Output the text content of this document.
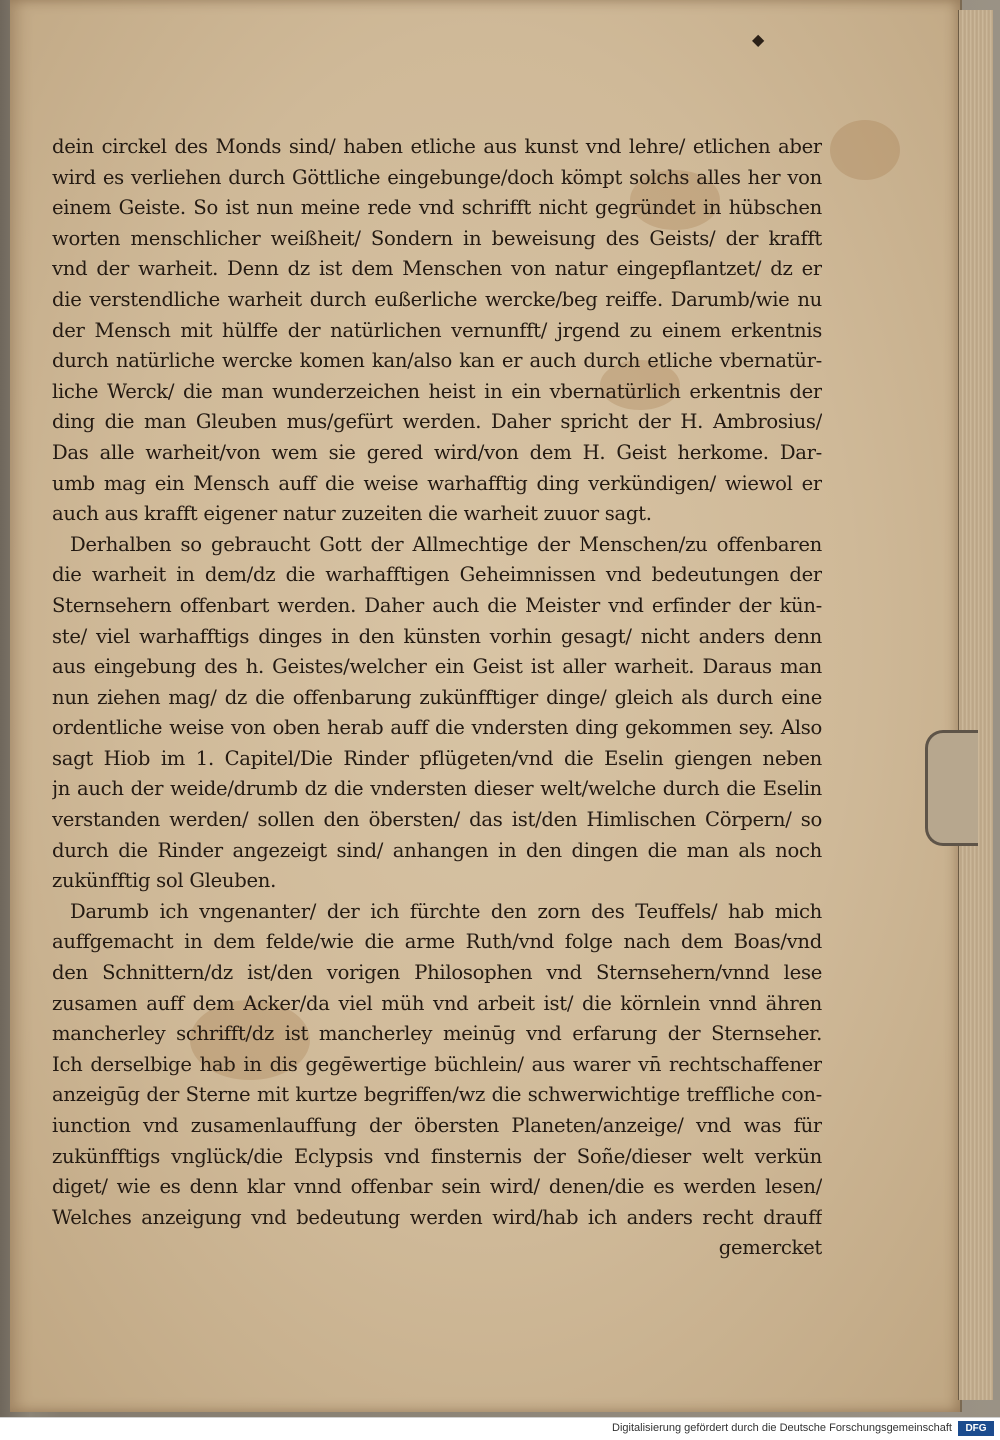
◆
dein circkel des Monds sind/ haben etliche aus kunst vnd lehre/ etlichen aber
wird es verliehen durch Göttliche eingebunge/doch kömpt solchs alles her von
einem Geiste. So ist nun meine rede vnd schrifft nicht gegründet in hübschen
worten menschlicher weißheit/ Sondern in beweisung des Geists/ der krafft
vnd der warheit. Denn dz ist dem Menschen von natur eingepflantzet/ dz er
die verstendliche warheit durch eußerliche wercke/beg reiffe. Darumb/wie nu
der Mensch mit hülffe der natürlichen vernunfft/ jrgend zu einem erkentnis
durch natürliche wercke komen kan/also kan er auch durch etliche vbernatür-
liche Werck/ die man wunderzeichen heist in ein vbernatürlich erkentnis der
ding die man Gleuben mus/gefürt werden. Daher spricht der H. Ambrosius/
Das alle warheit/von wem sie gered wird/von dem H. Geist herkome. Dar-
umb mag ein Mensch auff die weise warhafftig ding verkündigen/ wiewol er
auch aus krafft eigener natur zuzeiten die warheit zuuor sagt.
Derhalben so gebraucht Gott der Allmechtige der Menschen/zu offenbaren
die warheit in dem/dz die warhafftigen Geheimnissen vnd bedeutungen der
Sternsehern offenbart werden. Daher auch die Meister vnd erfinder der kün-
ste/ viel warhafftigs dinges in den künsten vorhin gesagt/ nicht anders denn
aus eingebung des h. Geistes/welcher ein Geist ist aller warheit. Daraus man
nun ziehen mag/ dz die offenbarung zukünfftiger dinge/ gleich als durch eine
ordentliche weise von oben herab auff die vndersten ding gekommen sey. Also
sagt Hiob im 1. Capitel/Die Rinder pflügeten/vnd die Eselin giengen neben
jn auch der weide/drumb dz die vndersten dieser welt/welche durch die Eselin
verstanden werden/ sollen den öbersten/ das ist/den Himlischen Cörpern/ so
durch die Rinder angezeigt sind/ anhangen in den dingen die man als noch
zukünfftig sol Gleuben.
Darumb ich vngenanter/ der ich fürchte den zorn des Teuffels/ hab mich
auffgemacht in dem felde/wie die arme Ruth/vnd folge nach dem Boas/vnd
den Schnittern/dz ist/den vorigen Philosophen vnd Sternsehern/vnnd lese
zusamen auff dem Acker/da viel müh vnd arbeit ist/ die körnlein vnnd ähren
mancherley schrifft/dz ist mancherley meinūg vnd erfarung der Sternseher.
Ich derselbige hab in dis gegēwertige büchlein/ aus warer vn̄ rechtschaffener
anzeigūg der Sterne mit kurtze begriffen/wz die schwerwichtige treffliche con-
iunction vnd zusamenlauffung der öbersten Planeten/anzeige/ vnd was für
zukünfftigs vnglück/die Eclypsis vnd finsternis der Soñe/dieser welt verkün
diget/ wie es denn klar vnnd offenbar sein wird/ denen/die es werden lesen/
Welches anzeigung vnd bedeutung werden wird/hab ich anders recht drauff
gemercket
Digitalisierung gefördert durch die Deutsche Forschungsgemeinschaft	DFG
